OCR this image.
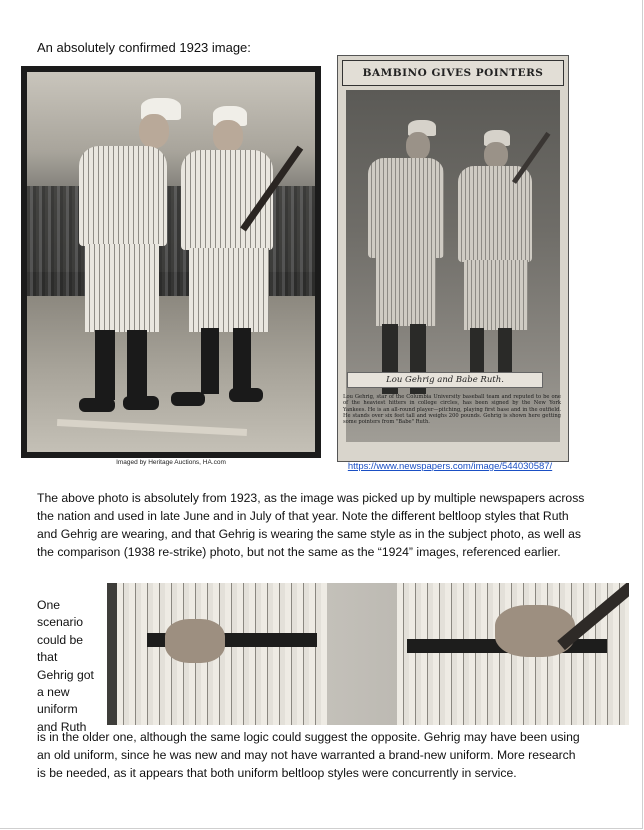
An absolutely confirmed 1923 image:
Imaged by Heritage Auctions, HA.com
BAMBINO GIVES POINTERS
Lou Gehrig and Babe Ruth.
Lou Gehrig, star of the Columbia University baseball team and reputed to be one of the heaviest hitters in college circles, has been signed by the New York Yankees. He is an all-round player—pitching, playing first base and in the outfield. He stands over six feet tall and weighs 200 pounds. Gehrig is shown here getting some pointers from "Babe" Ruth.
https://www.newspapers.com/image/544030587/

The above photo is absolutely from 1923, as the image was picked up by multiple newspapers across

the nation and used in late June and in July of that year. Note the different beltloop styles that Ruth

and Gehrig are wearing, and that Gehrig is wearing the same style as in the subject photo, as well as

the comparison (1938 re-strike) photo, but not the same as the “1924” images, referenced earlier.

One
scenario
could be
that
Gehrig got
a new
uniform
and Ruth
is in the older one, although the same logic could suggest the opposite. Gehrig may have been using
an old uniform, since he was new and may not have warranted a brand-new uniform. More research
is be needed, as it appears that both uniform beltloop styles were concurrently in service.
